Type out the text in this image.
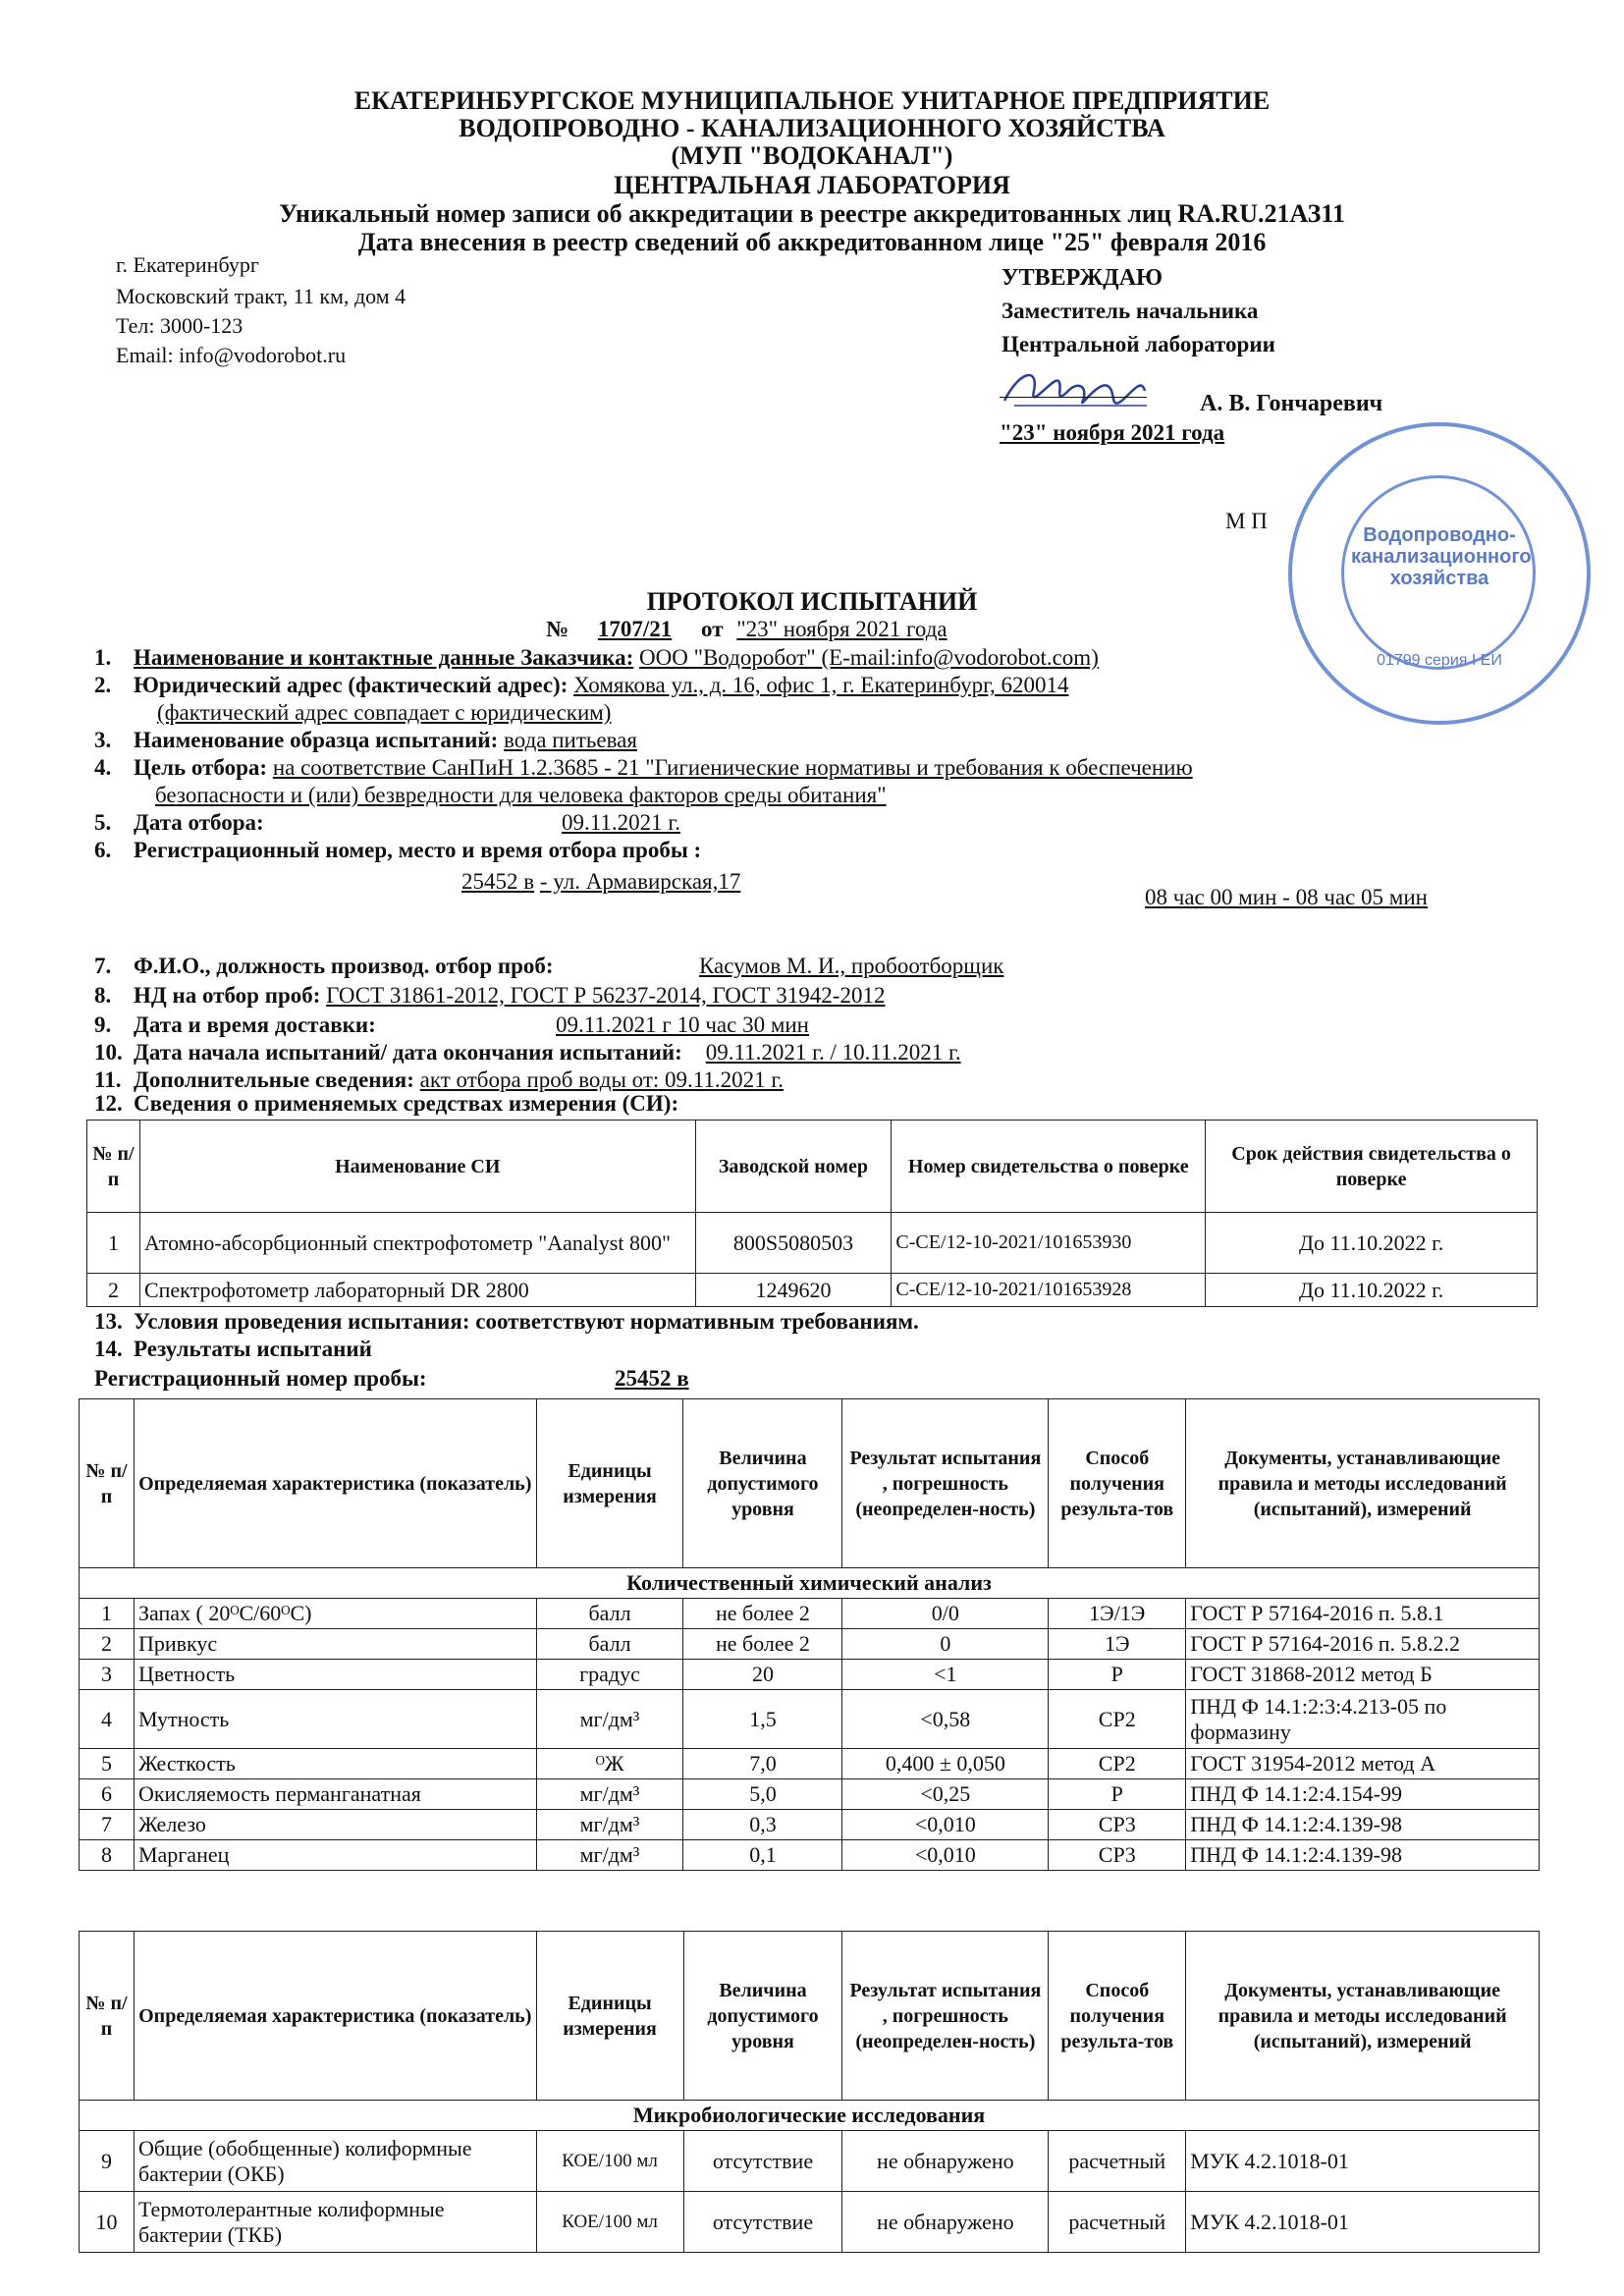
ЕКАТЕРИНБУРГСКОЕ МУНИЦИПАЛЬНОЕ УНИТАРНОЕ ПРЕДПРИЯТИЕ
ВОДОПРОВОДНО - КАНАЛИЗАЦИОННОГО ХОЗЯЙСТВА
(МУП "ВОДОКАНАЛ")
ЦЕНТРАЛЬНАЯ ЛАБОРАТОРИЯ
Уникальный номер записи об аккредитации в реестре аккредитованных лиц RA.RU.21АЗ11
Дата внесения в реестр сведений об аккредитованном лице "25" февраля 2016
г. Екатеринбург
Московский тракт, 11 км, дом 4
Тел: 3000-123
Email: info@vodorobot.ru
УТВЕРЖДАЮ
Заместитель начальника
Центральной лаборатории
А. В. Гончаревич
"23" ноября 2021 года
М П
Водопроводно-канализационного хозяйства
01799 серия I ЕИ
ПРОТОКОЛ ИСПЫТАНИЙ
№ 1707/21 от "23" ноября 2021 года
1. Наименование и контактные данные Заказчика: ООО "Водоробот" (E-mail:info@vodorobot.com)
2. Юридический адрес (фактический адрес): Хомякова ул., д. 16, офис 1, г. Екатеринбург, 620014
(фактический адрес совпадает с юридическим)
3. Наименование образца испытаний: вода питьевая
4. Цель отбора: на соответствие СанПиН 1.2.3685 - 21 "Гигиенические нормативы и требования к обеспечению
безопасности и (или) безвредности для человека факторов среды обитания"
5. Дата отбора:	09.11.2021 г.
6. Регистрационный номер, место и время отбора пробы :
25452 в - ул. Армавирская,17
08 час 00 мин - 08 час 05 мин
7. Ф.И.О., должность производ. отбор проб:	Касумов М. И., пробоотборщик
8. НД на отбор проб: ГОСТ 31861-2012, ГОСТ Р 56237-2014, ГОСТ 31942-2012
9. Дата и время доставки:	09.11.2021 г 10 час 30 мин
10. Дата начала испытаний/ дата окончания испытаний: 09.11.2021 г. / 10.11.2021 г.
11. Дополнительные сведения: акт отбора проб воды от: 09.11.2021 г.
12. Сведения о применяемых средствах измерения (СИ):
№ п/п	Наименование СИ	Заводской номер	Номер свидетельства о поверке	Срок действия свидетельства о поверке
1	Атомно-абсорбционный спектрофотометр "Aanalyst 800"	800S5080503	С-СЕ/12-10-2021/101653930	До 11.10.2022 г.
2	Спектрофотометр лабораторный DR 2800	1249620	С-СЕ/12-10-2021/101653928	До 11.10.2022 г.
13. Условия проведения испытания: соответствуют нормативным требованиям.
14. Результаты испытаний
Регистрационный номер пробы:	25452 в
№ п/п	Определяемая характеристика (показатель)	Единицы измерения	Величина допустимого уровня	Результат испытания , погрешность (неопределен-ность)	Способ получения результа-тов	Документы, устанавливающие правила и методы исследований (испытаний), измерений
Количественный химический анализ						
1	Запах ( 20ᴼС/60ᴼС)	балл	не более 2	0/0	1Э/1Э	ГОСТ Р 57164-2016 п. 5.8.1
2	Привкус	балл	не более 2	0	1Э	ГОСТ Р 57164-2016 п. 5.8.2.2
3	Цветность	градус	20	<1	Р	ГОСТ 31868-2012 метод Б
4	Мутность	мг/дм³	1,5	<0,58	СР2	ПНД Ф 14.1:2:3:4.213-05 по формазину
5	Жесткость	ᴼЖ	7,0	0,400 ± 0,050	СР2	ГОСТ 31954-2012 метод А
6	Окисляемость перманганатная	мг/дм³	5,0	<0,25	Р	ПНД Ф 14.1:2:4.154-99
7	Железо	мг/дм³	0,3	<0,010	СР3	ПНД Ф 14.1:2:4.139-98
8	Марганец	мг/дм³	0,1	<0,010	СР3	ПНД Ф 14.1:2:4.139-98
№ п/п	Определяемая характеристика (показатель)	Единицы измерения	Величина допустимого уровня	Результат испытания , погрешность (неопределен-ность)	Способ получения результа-тов	Документы, устанавливающие правила и методы исследований (испытаний), измерений
Микробиологические исследования						
9	Общие (обобщенные) колиформные бактерии (ОКБ)	КОЕ/100 мл	отсутствие	не обнаружено	расчетный	МУК 4.2.1018-01
10	Термотолерантные колиформные бактерии (ТКБ)	КОЕ/100 мл	отсутствие	не обнаружено	расчетный	МУК 4.2.1018-01
